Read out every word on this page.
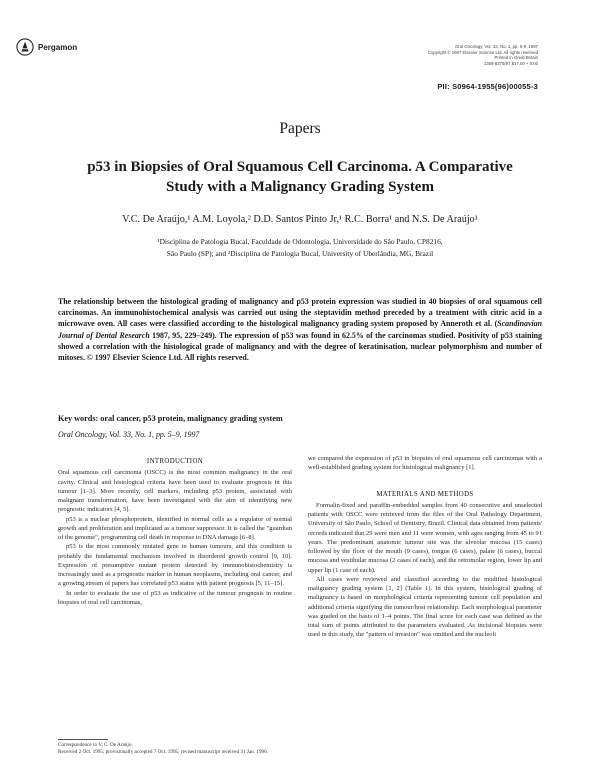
Pergamon	Oral Oncology, Vol. 33, No. 1, pp. 5-9, 1997
Copyright © 1997 Elsevier Science Ltd. All rights reserved
Printed in Great Britain
1368-8375/97 $17.00 + 0.00
PII: S0964-1955(96)00055-3
Papers
p53 in Biopsies of Oral Squamous Cell Carcinoma. A Comparative Study with a Malignancy Grading System
V.C. De Araújo,¹ A.M. Loyola,² D.D. Santos Pinto Jr,¹ R.C. Borra¹ and N.S. De Araújo¹
¹Disciplina de Patologia Bucal, Faculdade de Odontologia, Universidade do São Paulo, CP8216,
São Paulo (SP); and ²Disciplina de Patologia Bucal, University of Uberlândia, MG, Brazil
The relationship between the histological grading of malignancy and p53 protein expression was studied in 40 biopsies of oral squamous cell carcinomas. An immunohistochemical analysis was carried out using the steptavidin method preceded by a treatment with citric acid in a microwave oven. All cases were classified according to the histological malignancy grading system proposed by Anneroth et al. (Scandinavian Journal of Dental Research 1987, 95, 229–249). The expression of p53 was found in 62.5% of the carcinomas studied. Positivity of p53 staining showed a correlation with the histological grade of malignancy and with the degree of keratinisation, nuclear polymorphism and number of mitoses. © 1997 Elsevier Science Ltd. All rights reserved.
Key words: oral cancer, p53 protein, malignancy grading system
Oral Oncology, Vol. 33, No. 1, pp. 5–9, 1997
INTRODUCTION

Oral squamous cell carcinoma (OSCC) is the most common malignancy in the oral cavity. Clinical and histological criteria have been used to evaluate prognosis in this tumour [1–3]. More recently, cell markers, including p53 protein, associated with malignant transformation, have been investigated with the aim of identifying new prognostic indicators [4, 5].

p53 is a nuclear phosphoprotein, identified in normal cells as a regulator of normal growth and proliferation and implicated as a tumour suppressor. It is called the "guardian of the genome", programming cell death in response to DNA damage [6–8].

p53 is the most commonly mutated gene in human tumours, and this condition is probably the fundamental mechanism involved in disordered growth control [9, 10]. Expression of presumptive mutant protein detected by immunohistochemistry is increasingly used as a prognostic marker in human neoplasms, including oral cancer, and a growing stream of papers has correlated p53 status with patient prognosis [5, 11–15].

In order to evaluate the use of p53 as indicative of the tumour prognosis in routine biopsies of oral cell carcinomas,

we compared the expression of p53 in biopsies of oral squamous cell carcinomas with a well-established grading system for histological malignancy [1].

MATERIALS AND METHODS

Formalin-fixed and paraffin-embedded samples from 40 consecutive and unselected patients with OSCC were retrieved from the files of the Oral Pathology Department, University of São Paulo, School of Dentistry, Brazil. Clinical data obtained from patients' records indicated that 29 were men and 11 were women, with ages ranging from 45 to 91 years. The predominant anatomic tumour site was the alveolar mucosa (15 cases) followed by the floor of the mouth (9 cases), tongue (6 cases), palate (6 cases), buccal mucosa and vestibular mucosa (2 cases of each), and the retromolar region, lower lip and upper lip (1 case of each).

All cases were reviewed and classified according to the modified histological malignancy grading system [1, 2] (Table 1). In this system, histological grading of malignancy is based on morphological criteria representing tumour cell population and additional criteria signifying the tumour/host relationship. Each morphological parameter was graded on the basis of 1–4 points. The final score for each case was defined as the total sum of points attributed to the parameters evaluated. As incisional biopsies were used in this study, the "pattern of invasion" was omitted and the nucleoli

Correspondence to V. C. De Araújo.
Received 2 Oct. 1995; provisionally accepted 7 Oct. 1995; revised manuscript received 31 Jan. 1996.
